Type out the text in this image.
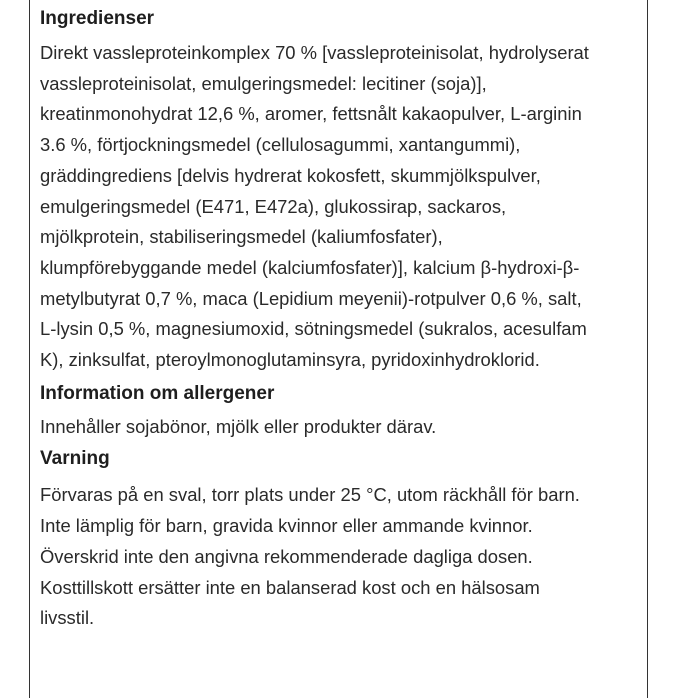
Ingredienser
Direkt vassleproteinkomplex 70 % [vassleproteinisolat, hydrolyserat
vassleproteinisolat, emulgeringsmedel: lecitiner (soja)],
kreatinmonohydrat 12,6 %, aromer, fettsnålt kakaopulver, L-arginin
3.6 %, förtjockningsmedel (cellulosagummi, xantangummi),
gräddingrediens [delvis hydrerat kokosfett, skummjölkspulver,
emulgeringsmedel (E471, E472a), glukossirap, sackaros,
mjölkprotein, stabiliseringsmedel (kaliumfosfater),
klumpförebyggande medel (kalciumfosfater)], kalcium β-hydroxi-β-
metylbutyrat 0,7 %, maca (Lepidium meyenii)-rotpulver 0,6 %, salt,
L-lysin 0,5 %, magnesiumoxid, sötningsmedel (sukralos, acesulfam
K), zinksulfat, pteroylmonoglutaminsyra, pyridoxinhydroklorid.
Information om allergener
Innehåller sojabönor, mjölk eller produkter därav.
Varning
Förvaras på en sval, torr plats under 25 °C, utom räckhåll för barn.
Inte lämplig för barn, gravida kvinnor eller ammande kvinnor.
Överskrid inte den angivna rekommenderade dagliga dosen.
Kosttillskott ersätter inte en balanserad kost och en hälsosam
livsstil.
